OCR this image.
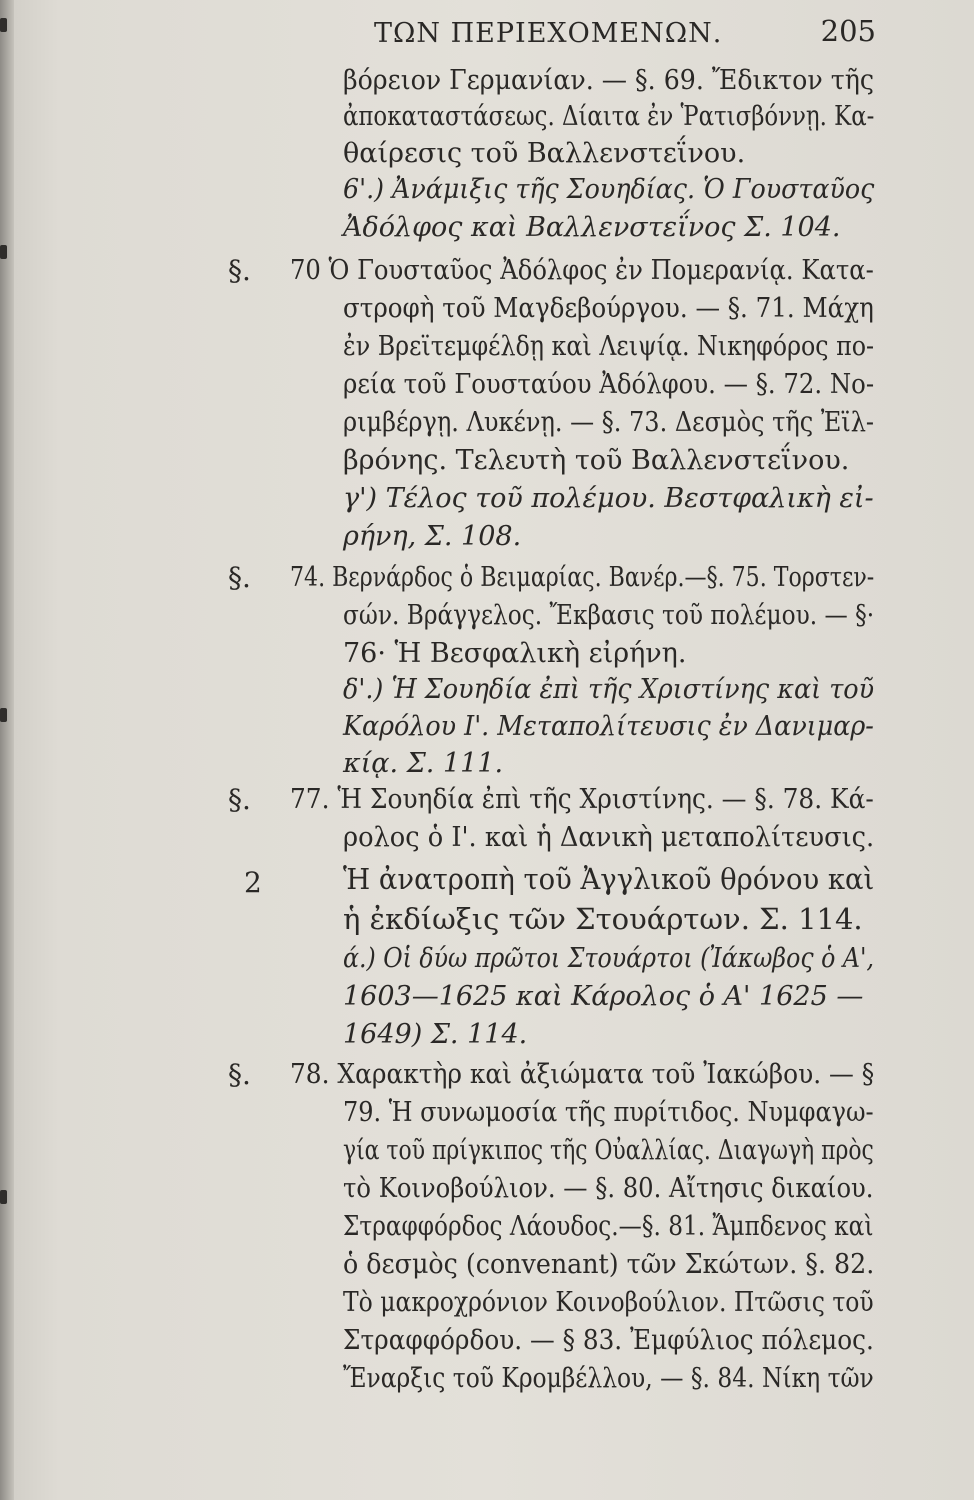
ΤΩΝ ΠΕΡΙΕΧΟΜΕΝΩΝ.	205
§.
§.
§.
§.
2
βόρειον Γερμανίαν. — §. 69. Ἔδικτον τῆς
ἀποκαταστάσεως. Δίαιτα ἐν Ῥατισβόννῃ. Κα-
θαίρεσις τοῦ Βαλλενστεΐνου.
6'.) Ἀνάμιξις τῆς Σουηδίας. Ὁ Γουσταῦος
Ἀδόλφος καὶ Βαλλενστεΐνος Σ. 104.
70 Ὁ Γουσταῦος Ἀδόλφος ἐν Πομερανίᾳ. Κατα-
στροφὴ τοῦ Μαγδεβούργου. — §. 71. Μάχη
ἐν Βρεϊτεμφέλδῃ καὶ Λειψίᾳ. Νικηφόρος πο-
ρεία τοῦ Γουσταύου Ἀδόλφου. — §. 72. Νο-
ριμβέργῃ. Λυκένῃ. — §. 73. Δεσμὸς τῆς Ἐϊλ-
βρόνης. Τελευτὴ τοῦ Βαλλενστεΐνου.
γ') Τέλος τοῦ πολέμου. Βεστφαλικὴ εἰ-
ρήνη, Σ. 108.
74. Βερνάρδος ὁ Βειμαρίας. Βανέρ.—§. 75. Τορστεν-
σών. Βράγγελος. Ἔκβασις τοῦ πολέμου. — §·
76· Ἡ Βεσφαλικὴ εἰρήνη.
δ'.) Ἡ Σουηδία ἐπὶ τῆς Χριστίνης καὶ τοῦ
Καρόλου Ι'. Μεταπολίτευσις ἐν Δανιμαρ-
κίᾳ. Σ. 111.
77. Ἡ Σουηδία ἐπὶ τῆς Χριστίνης. — §. 78. Κά-
ρολος ὁ Ι'. καὶ ἡ Δανικὴ μεταπολίτευσις.
Ἡ ἀνατροπὴ τοῦ Ἀγγλικοῦ θρόνου καὶ
ἡ ἐκδίωξις τῶν Στουάρτων. Σ. 114.
ά.) Οἱ δύω πρῶτοι Στουάρτοι (Ἰάκωβος ὁ Α',
1603—1625 καὶ Κάρολος ὁ Α' 1625 —
1649) Σ. 114.
78. Χαρακτὴρ καὶ ἀξιώματα τοῦ Ἰακώβου. — §
79. Ἡ συνωμοσία τῆς πυρίτιδος. Νυμφαγω-
γία τοῦ πρίγκιπος τῆς Οὐαλλίας. Διαγωγὴ πρὸς
τὸ Κοινοβούλιον. — §. 80. Αἴτησις δικαίου.
Στραφφόρδος Λάουδος.—§. 81. Ἄμπδενος καὶ
ὁ δεσμὸς (convenant) τῶν Σκώτων. §. 82.
Τὸ μακροχρόνιον Κοινοβούλιον. Πτῶσις τοῦ
Στραφφόρδου. — § 83. Ἐμφύλιος πόλεμος.
Ἔναρξις τοῦ Κρομβέλλου, — §. 84. Νίκη τῶν
